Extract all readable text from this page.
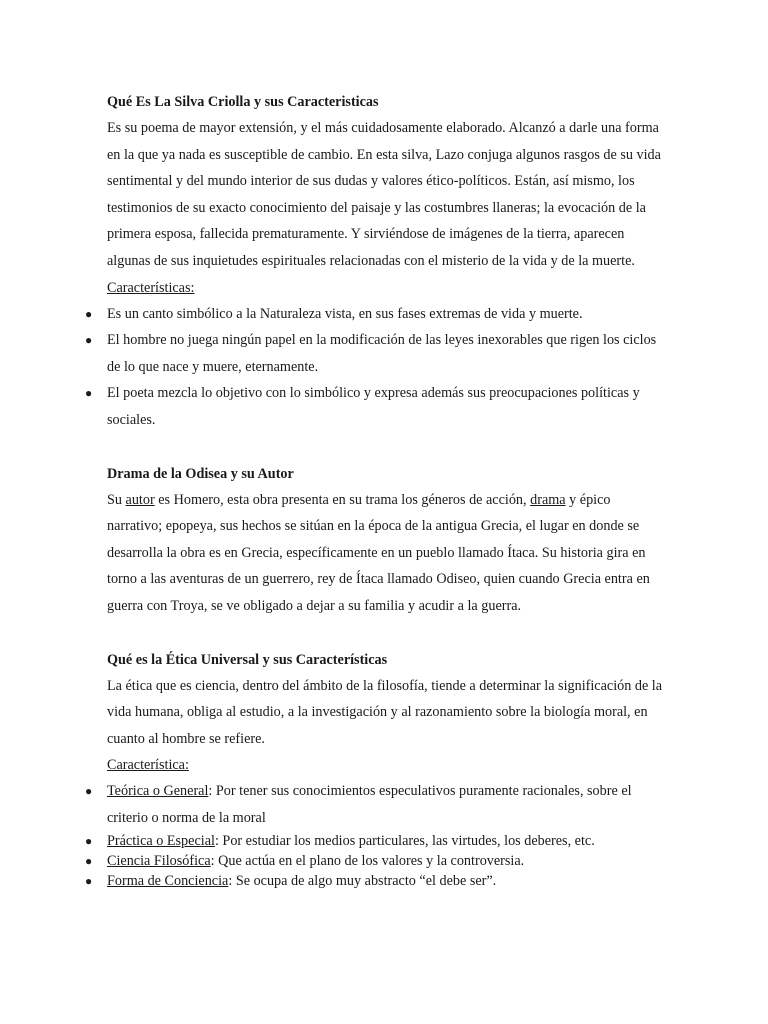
Qué Es La Silva Criolla y sus Caracteristicas

Es su poema de mayor extensión, y el más cuidadosamente elaborado. Alcanzó a darle una forma en la que ya nada es susceptible de cambio. En esta silva, Lazo conjuga algunos rasgos de su vida sentimental y del mundo interior de sus dudas y valores ético-políticos. Están, así mismo, los testimonios de su exacto conocimiento del paisaje y las costumbres llaneras; la evocación de la primera esposa, fallecida prematuramente. Y sirviéndose de imágenes de la tierra, aparecen algunas de sus inquietudes espirituales relacionadas con el misterio de la vida y de la muerte.

Características:

● Es un canto simbólico a la Naturaleza vista, en sus fases extremas de vida y muerte.
● El hombre no juega ningún papel en la modificación de las leyes inexorables que rigen los ciclos de lo que nace y muere, eternamente.
● El poeta mezcla lo objetivo con lo simbólico y expresa además sus preocupaciones políticas y sociales.

Drama de la Odisea y su Autor

Su autor es Homero, esta obra presenta en su trama los géneros de acción, drama y épico narrativo; epopeya, sus hechos se sitúan en la época de la antigua Grecia, el lugar en donde se desarrolla la obra es en Grecia, específicamente en un pueblo llamado Ítaca. Su historia gira en torno a las aventuras de un guerrero, rey de Ítaca llamado Odiseo, quien cuando Grecia entra en guerra con Troya, se ve obligado a dejar a su familia y acudir a la guerra.

Qué es la Ética Universal y sus Características

La ética que es ciencia, dentro del ámbito de la filosofía, tiende a determinar la significación de la vida humana, obliga al estudio, a la investigación y al razonamiento sobre la biología moral, en cuanto al hombre se refiere.

Característica:

● Teórica o General: Por tener sus conocimientos especulativos puramente racionales, sobre el criterio o norma de la moral
● Práctica o Especial: Por estudiar los medios particulares, las virtudes, los deberes, etc.
● Ciencia Filosófica: Que actúa en el plano de los valores y la controversia.
● Forma de Conciencia: Se ocupa de algo muy abstracto “el debe ser”.
